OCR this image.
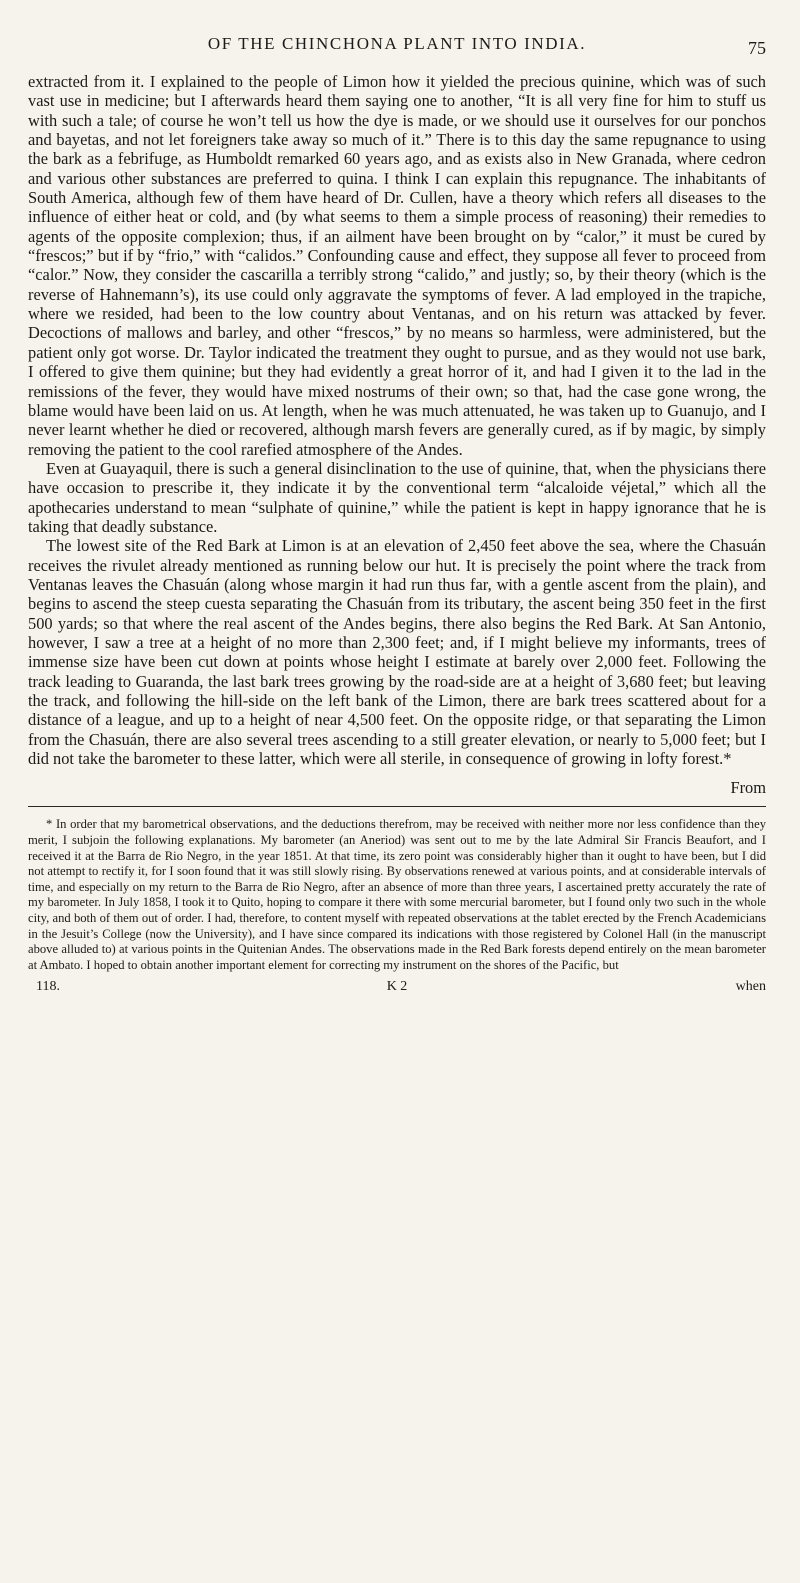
OF THE CHINCHONA PLANT INTO INDIA.	75

extracted from it. I explained to the people of Limon how it yielded the precious quinine, which was of such vast use in medicine; but I afterwards heard them saying one to another, “It is all very fine for him to stuff us with such a tale; of course he won’t tell us how the dye is made, or we should use it ourselves for our ponchos and bayetas, and not let foreigners take away so much of it.” There is to this day the same repugnance to using the bark as a febrifuge, as Humboldt remarked 60 years ago, and as exists also in New Granada, where cedron and various other substances are preferred to quina. I think I can explain this repugnance. The inhabitants of South America, although few of them have heard of Dr. Cullen, have a theory which refers all diseases to the influence of either heat or cold, and (by what seems to them a simple process of reasoning) their remedies to agents of the opposite complexion; thus, if an ailment have been brought on by “calor,” it must be cured by “frescos;” but if by “frio,” with “calidos.” Confounding cause and effect, they suppose all fever to proceed from “calor.” Now, they consider the cascarilla a terribly strong “calido,” and justly; so, by their theory (which is the reverse of Hahnemann’s), its use could only aggravate the symptoms of fever. A lad employed in the trapiche, where we resided, had been to the low country about Ventanas, and on his return was attacked by fever. Decoctions of mallows and barley, and other “frescos,” by no means so harmless, were administered, but the patient only got worse. Dr. Taylor indicated the treatment they ought to pursue, and as they would not use bark, I offered to give them quinine; but they had evidently a great horror of it, and had I given it to the lad in the remissions of the fever, they would have mixed nostrums of their own; so that, had the case gone wrong, the blame would have been laid on us. At length, when he was much attenuated, he was taken up to Guanujo, and I never learnt whether he died or recovered, although marsh fevers are generally cured, as if by magic, by simply removing the patient to the cool rarefied atmosphere of the Andes.

Even at Guayaquil, there is such a general disinclination to the use of quinine, that, when the physicians there have occasion to prescribe it, they indicate it by the conventional term “alcaloide véjetal,” which all the apothecaries understand to mean “sulphate of quinine,” while the patient is kept in happy ignorance that he is taking that deadly substance.

The lowest site of the Red Bark at Limon is at an elevation of 2,450 feet above the sea, where the Chasuán receives the rivulet already mentioned as running below our hut. It is precisely the point where the track from Ventanas leaves the Chasuán (along whose margin it had run thus far, with a gentle ascent from the plain), and begins to ascend the steep cuesta separating the Chasuán from its tributary, the ascent being 350 feet in the first 500 yards; so that where the real ascent of the Andes begins, there also begins the Red Bark. At San Antonio, however, I saw a tree at a height of no more than 2,300 feet; and, if I might believe my informants, trees of immense size have been cut down at points whose height I estimate at barely over 2,000 feet. Following the track leading to Guaranda, the last bark trees growing by the road-side are at a height of 3,680 feet; but leaving the track, and following the hill-side on the left bank of the Limon, there are bark trees scattered about for a distance of a league, and up to a height of near 4,500 feet. On the opposite ridge, or that separating the Limon from the Chasuán, there are also several trees ascending to a still greater elevation, or nearly to 5,000 feet; but I did not take the barometer to these latter, which were all sterile, in consequence of growing in lofty forest.*

From

* In order that my barometrical observations, and the deductions therefrom, may be received with neither more nor less confidence than they merit, I subjoin the following explanations. My barometer (an Aneriod) was sent out to me by the late Admiral Sir Francis Beaufort, and I received it at the Barra de Rio Negro, in the year 1851. At that time, its zero point was considerably higher than it ought to have been, but I did not attempt to rectify it, for I soon found that it was still slowly rising. By observations renewed at various points, and at considerable intervals of time, and especially on my return to the Barra de Rio Negro, after an absence of more than three years, I ascertained pretty accurately the rate of my barometer. In July 1858, I took it to Quito, hoping to compare it there with some mercurial barometer, but I found only two such in the whole city, and both of them out of order. I had, therefore, to content myself with repeated observations at the tablet erected by the French Academicians in the Jesuit’s College (now the University), and I have since compared its indications with those registered by Colonel Hall (in the manuscript above alluded to) at various points in the Quitenian Andes. The observations made in the Red Bark forests depend entirely on the mean barometer at Ambato. I hoped to obtain another important element for correcting my instrument on the shores of the Pacific, but

118.	K 2	when
